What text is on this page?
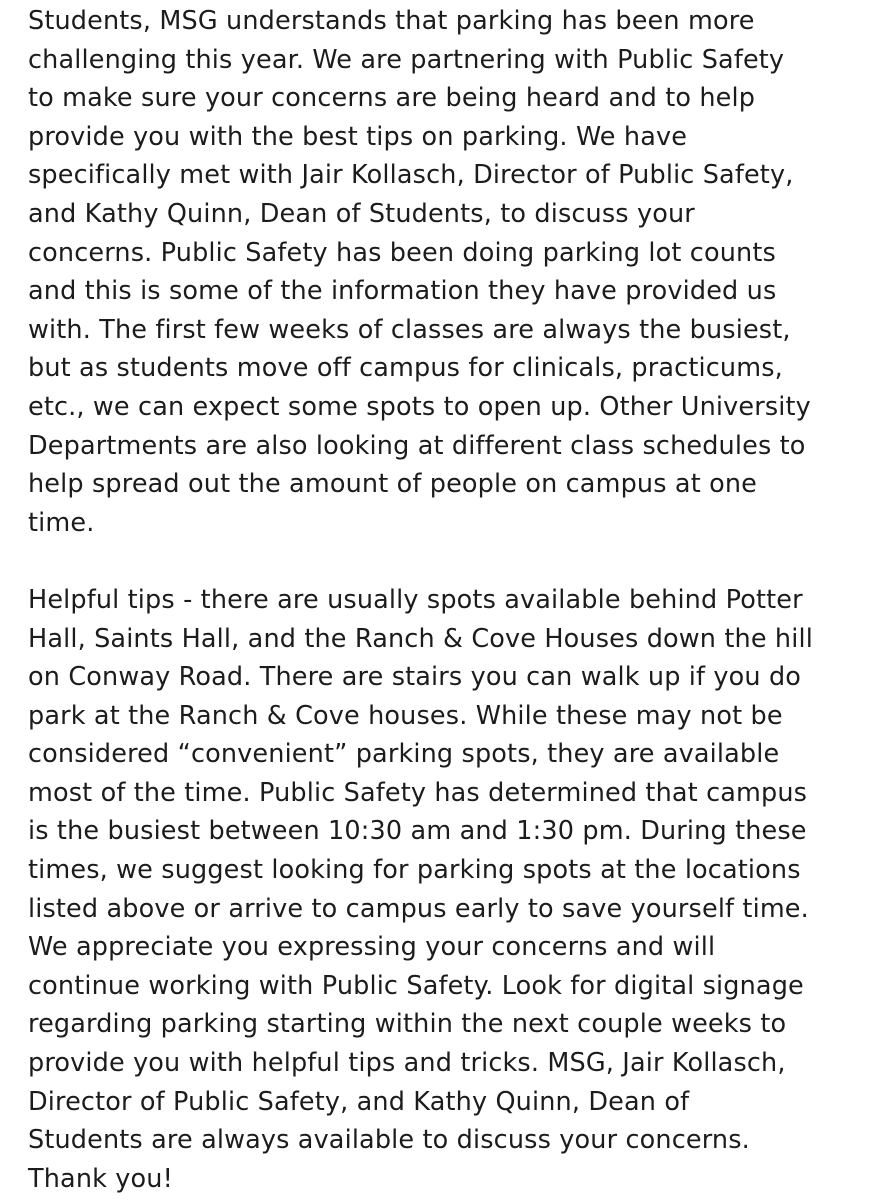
Students, MSG understands that parking has been more
challenging this year. We are partnering with Public Safety
to make sure your concerns are being heard and to help
provide you with the best tips on parking. We have
specifically met with Jair Kollasch, Director of Public Safety,
and Kathy Quinn, Dean of Students, to discuss your
concerns. Public Safety has been doing parking lot counts
and this is some of the information they have provided us
with. The first few weeks of classes are always the busiest,
but as students move off campus for clinicals, practicums,
etc., we can expect some spots to open up. Other University
Departments are also looking at different class schedules to
help spread out the amount of people on campus at one
time.

Helpful tips - there are usually spots available behind Potter
Hall, Saints Hall, and the Ranch & Cove Houses down the hill
on Conway Road. There are stairs you can walk up if you do
park at the Ranch & Cove houses. While these may not be
considered “convenient” parking spots, they are available
most of the time. Public Safety has determined that campus
is the busiest between 10:30 am and 1:30 pm. During these
times, we suggest looking for parking spots at the locations
listed above or arrive to campus early to save yourself time.
We appreciate you expressing your concerns and will
continue working with Public Safety. Look for digital signage
regarding parking starting within the next couple weeks to
provide you with helpful tips and tricks. MSG, Jair Kollasch,
Director of Public Safety, and Kathy Quinn, Dean of
Students are always available to discuss your concerns.
Thank you!
